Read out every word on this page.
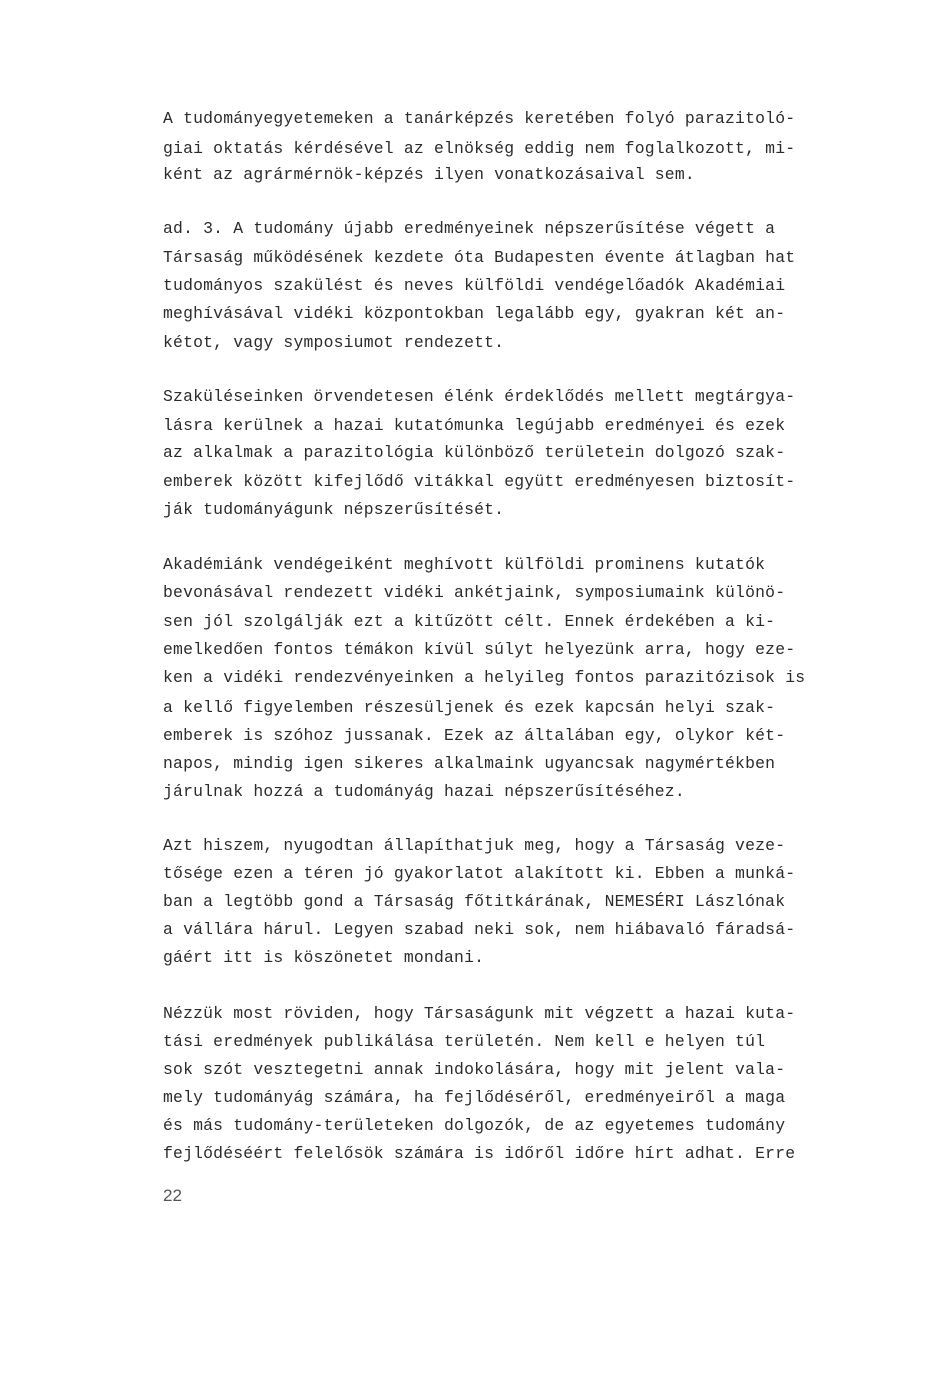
A tudományegyetemeken a tanárképzés keretében folyó parazitoló-
giai oktatás kérdésével az elnökség eddig nem foglalkozott, mi-
ként az agrármérnök-képzés ilyen vonatkozásaival sem.
ad. 3. A tudomány újabb eredményeinek népszerűsítése végett a
Társaság működésének kezdete óta Budapesten évente átlagban hat
tudományos szakülést és neves külföldi vendégelőadók Akadémiai
meghívásával vidéki központokban legalább egy, gyakran két an-
kétot, vagy symposiumot rendezett.
Szaküléseinken örvendetesen élénk érdeklődés mellett megtárgya-
lásra kerülnek a hazai kutatómunka legújabb eredményei és ezek
az alkalmak a parazitológia különböző területein dolgozó szak-
emberek között kifejlődő vitákkal együtt eredményesen biztosít-
ják tudományágunk népszerűsítését.
Akadémiánk vendégeiként meghívott külföldi prominens kutatók
bevonásával rendezett vidéki ankétjaink, symposiumaink különö-
sen jól szolgálják ezt a kitűzött célt. Ennek érdekében a ki-
emelkedően fontos témákon kívül súlyt helyezünk arra, hogy eze-
ken a vidéki rendezvényeinken a helyileg fontos parazitózisok is
a kellő figyelemben részesüljenek és ezek kapcsán helyi szak-
emberek is szóhoz jussanak. Ezek az általában egy, olykor két-
napos, mindig igen sikeres alkalmaink ugyancsak nagymértékben
járulnak hozzá a tudományág hazai népszerűsítéséhez.
Azt hiszem, nyugodtan állapíthatjuk meg, hogy a Társaság veze-
tősége ezen a téren jó gyakorlatot alakított ki. Ebben a munká-
ban a legtöbb gond a Társaság főtitkárának, NEMESÉRI Lászlónak
a vállára hárul. Legyen szabad neki sok, nem hiábavaló fáradsá-
gáért itt is köszönetet mondani.
Nézzük most röviden, hogy Társaságunk mit végzett a hazai kuta-
tási eredmények publikálása területén. Nem kell e helyen túl
sok szót vesztegetni annak indokolására, hogy mit jelent vala-
mely tudományág számára, ha fejlődéséről, eredményeiről a maga
és más tudomány-területeken dolgozók, de az egyetemes tudomány
fejlődéséért felelősök számára is időről időre hírt adhat. Erre
22
